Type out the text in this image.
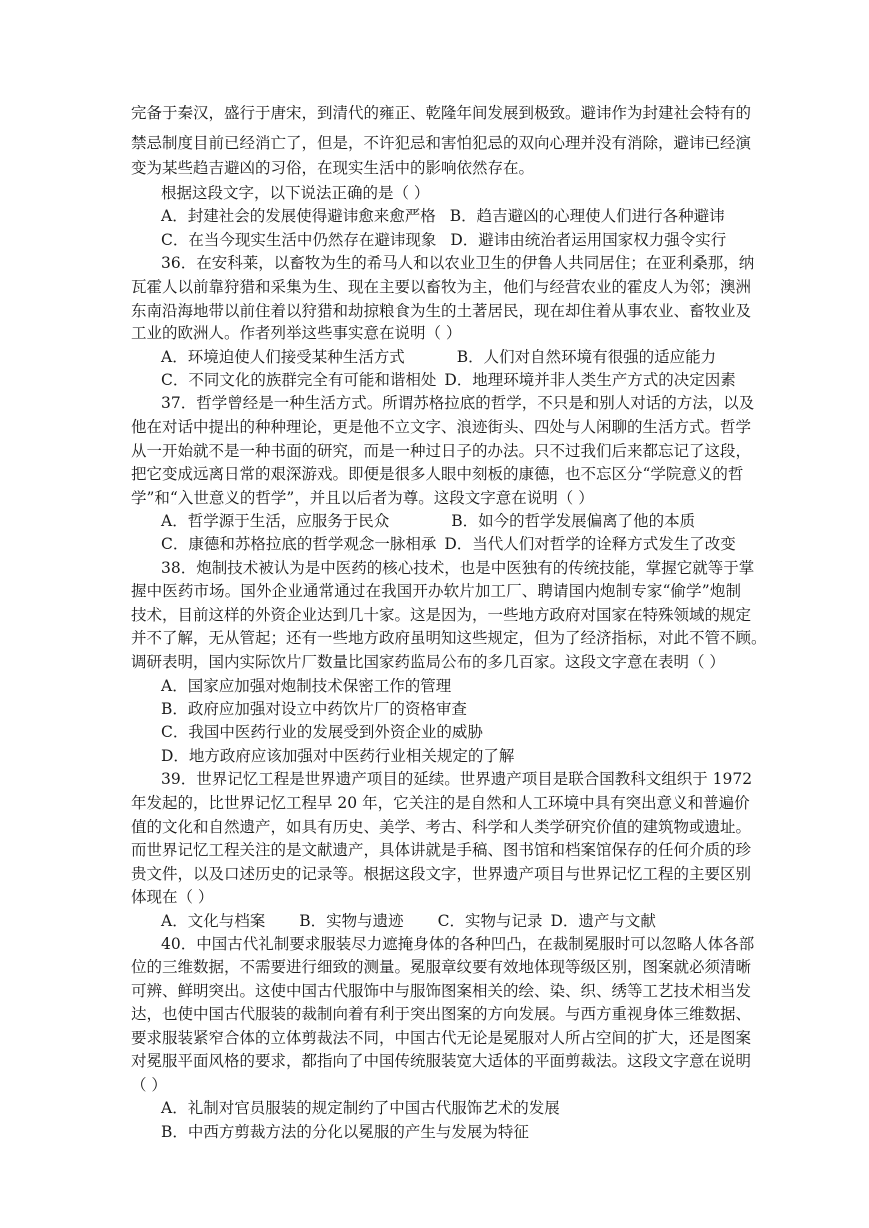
完备于秦汉，盛行于唐宋，到清代的雍正、乾隆年间发展到极致。避讳作为封建社会特有的
禁忌制度目前已经消亡了，但是，不许犯忌和害怕犯忌的双向心理并没有消除，避讳已经演
变为某些趋吉避凶的习俗，在现实生活中的影响依然存在。
根据这段文字，以下说法正确的是（ ）
A．封建社会的发展使得避讳愈来愈严格 B．趋吉避凶的心理使人们进行各种避讳
C．在当今现实生活中仍然存在避讳现象 D．避讳由统治者运用国家权力强令实行
36．在安科莱，以畜牧为生的希马人和以农业卫生的伊鲁人共同居住；在亚利桑那，纳
瓦霍人以前靠狩猎和采集为生、现在主要以畜牧为主，他们与经营农业的霍皮人为邻；澳洲
东南沿海地带以前住着以狩猎和劫掠粮食为生的土著居民，现在却住着从事农业、畜牧业及
工业的欧洲人。作者列举这些事实意在说明（ ）
A．环境迫使人们接受某种生活方式	B．人们对自然环境有很强的适应能力
C．不同文化的族群完全有可能和谐相处 D．地理环境并非人类生产方式的决定因素
37．哲学曾经是一种生活方式。所谓苏格拉底的哲学，不只是和别人对话的方法，以及
他在对话中提出的种种理论，更是他不立文字、浪迹街头、四处与人闲聊的生活方式。哲学
从一开始就不是一种书面的研究，而是一种过日子的办法。只不过我们后来都忘记了这段，
把它变成远离日常的艰深游戏。即便是很多人眼中刻板的康德，也不忘区分“学院意义的哲
学”和“入世意义的哲学”，并且以后者为尊。这段文字意在说明（ ）
A．哲学源于生活，应服务于民众	B．如今的哲学发展偏离了他的本质
C．康德和苏格拉底的哲学观念一脉相承 D．当代人们对哲学的诠释方式发生了改变
38．炮制技术被认为是中医药的核心技术，也是中医独有的传统技能，掌握它就等于掌
握中医药市场。国外企业通常通过在我国开办软片加工厂、聘请国内炮制专家“偷学”炮制
技术，目前这样的外资企业达到几十家。这是因为，一些地方政府对国家在特殊领域的规定
并不了解，无从管起；还有一些地方政府虽明知这些规定，但为了经济指标，对此不管不顾。
调研表明，国内实际饮片厂数量比国家药监局公布的多几百家。这段文字意在表明（ ）
A．国家应加强对炮制技术保密工作的管理
B．政府应加强对设立中药饮片厂的资格审查
C．我国中医药行业的发展受到外资企业的威胁
D．地方政府应该加强对中医药行业相关规定的了解
39．世界记忆工程是世界遗产项目的延续。世界遗产项目是联合国教科文组织于 1972
年发起的，比世界记忆工程早 20 年，它关注的是自然和人工环境中具有突出意义和普遍价
值的文化和自然遗产，如具有历史、美学、考古、科学和人类学研究价值的建筑物或遗址。
而世界记忆工程关注的是文献遗产，具体讲就是手稿、图书馆和档案馆保存的任何介质的珍
贵文件，以及口述历史的记录等。根据这段文字，世界遗产项目与世界记忆工程的主要区别
体现在（ ）
A．文化与档案 B．实物与遗迹 C．实物与记录 D．遗产与文献
40．中国古代礼制要求服装尽力遮掩身体的各种凹凸，在裁制冕服时可以忽略人体各部
位的三维数据，不需要进行细致的测量。冕服章纹要有效地体现等级区别，图案就必须清晰
可辨、鲜明突出。这使中国古代服饰中与服饰图案相关的绘、染、织、绣等工艺技术相当发
达，也使中国古代服装的裁制向着有利于突出图案的方向发展。与西方重视身体三维数据、
要求服装紧窄合体的立体剪裁法不同，中国古代无论是冕服对人所占空间的扩大，还是图案
对冕服平面风格的要求，都指向了中国传统服装宽大适体的平面剪裁法。这段文字意在说明
（ ）
A．礼制对官员服装的规定制约了中国古代服饰艺术的发展
B．中西方剪裁方法的分化以冕服的产生与发展为特征
